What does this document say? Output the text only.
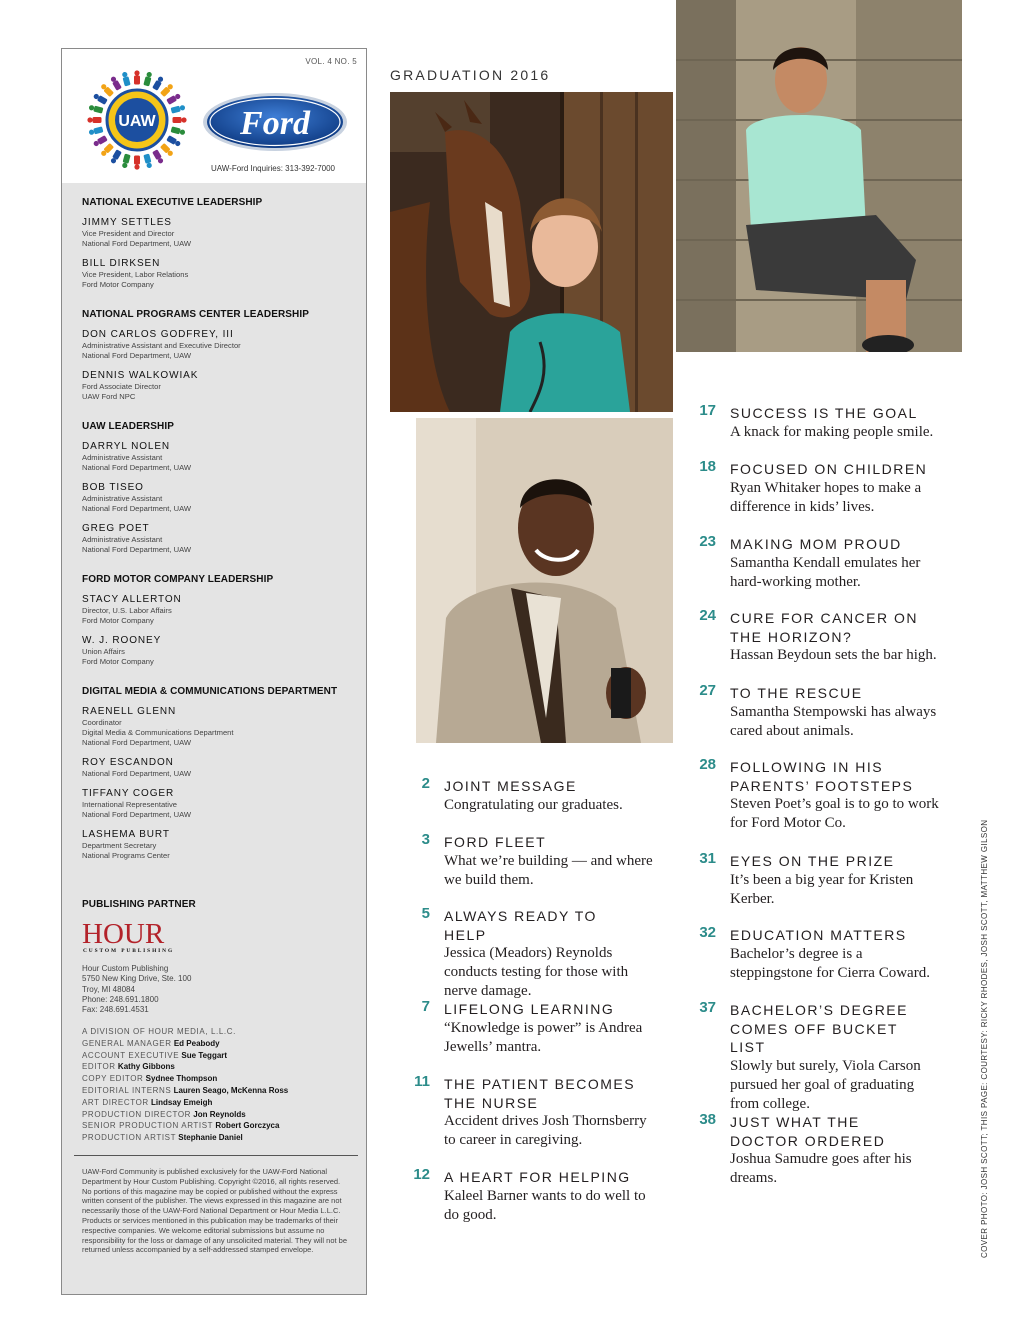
VOL. 4 NO. 5
UAW Ford
UAW-Ford Inquiries: 313-392-7000
NATIONAL EXECUTIVE LEADERSHIP
JIMMY SETTLES
Vice President and Director
National Ford Department, UAW
BILL DIRKSEN
Vice President, Labor Relations
Ford Motor Company
NATIONAL PROGRAMS CENTER LEADERSHIP
DON CARLOS GODFREY, III
Administrative Assistant and Executive Director
National Ford Department, UAW
DENNIS WALKOWIAK
Ford Associate Director
UAW Ford NPC
UAW LEADERSHIP
DARRYL NOLEN
Administrative Assistant
National Ford Department, UAW
BOB TISEO
Administrative Assistant
National Ford Department, UAW
GREG POET
Administrative Assistant
National Ford Department, UAW
FORD MOTOR COMPANY LEADERSHIP
STACY ALLERTON
Director, U.S. Labor Affairs
Ford Motor Company
W. J. ROONEY
Union Affairs
Ford Motor Company
DIGITAL MEDIA & COMMUNICATIONS DEPARTMENT
RAENELL GLENN
Coordinator
Digital Media & Communications Department
National Ford Department, UAW
ROY ESCANDON
National Ford Department, UAW
TIFFANY COGER
International Representative
National Ford Department, UAW
LASHEMA BURT
Department Secretary
National Programs Center
PUBLISHING PARTNER
HOUR
CUSTOM PUBLISHING
Hour Custom Publishing
5750 New King Drive, Ste. 100
Troy, MI 48084
Phone: 248.691.1800
Fax: 248.691.4531
A DIVISION OF HOUR MEDIA, L.L.C.
GENERAL MANAGER Ed Peabody
ACCOUNT EXECUTIVE Sue Teggart
EDITOR Kathy Gibbons
COPY EDITOR Sydnee Thompson
EDITORIAL INTERNS Lauren Seago, McKenna Ross
ART DIRECTOR Lindsay Emeigh
PRODUCTION DIRECTOR Jon Reynolds
SENIOR PRODUCTION ARTIST Robert Gorczyca
PRODUCTION ARTIST Stephanie Daniel
UAW-Ford Community is published exclusively for the UAW-Ford National Department by Hour Custom Publishing. Copyright ©2016, all rights reserved. No portions of this magazine may be copied or published without the express written consent of the publisher. The views expressed in this magazine are not necessarily those of the UAW-Ford National Department or Hour Media L.L.C. Products or services mentioned in this publication may be trademarks of their respective companies. We welcome editorial submissions but assume no responsibility for the loss or damage of any unsolicited material. They will not be returned unless accompanied by a self-addressed stamped envelope.
GRADUATION 2016
2 JOINT MESSAGE
Congratulating our graduates.
3 FORD FLEET
What we’re building — and where we build them.
5 ALWAYS READY TO HELP
Jessica (Meadors) Reynolds conducts testing for those with nerve damage.
7 LIFELONG LEARNING
“Knowledge is power” is Andrea Jewells’ mantra.
11 THE PATIENT BECOMES THE NURSE
Accident drives Josh Thornsberry to career in caregiving.
12 A HEART FOR HELPING
Kaleel Barner wants to do well to do good.
17 SUCCESS IS THE GOAL
A knack for making people smile.
18 FOCUSED ON CHILDREN
Ryan Whitaker hopes to make a difference in kids’ lives.
23 MAKING MOM PROUD
Samantha Kendall emulates her hard-working mother.
24 CURE FOR CANCER ON THE HORIZON?
Hassan Beydoun sets the bar high.
27 TO THE RESCUE
Samantha Stempowski has always cared about animals.
28 FOLLOWING IN HIS PARENTS’ FOOTSTEPS
Steven Poet’s goal is to go to work for Ford Motor Co.
31 EYES ON THE PRIZE
It’s been a big year for Kristen Kerber.
32 EDUCATION MATTERS
Bachelor’s degree is a steppingstone for Cierra Coward.
37 BACHELOR’S DEGREE COMES OFF BUCKET LIST
Slowly but surely, Viola Carson pursued her goal of graduating from college.
38 JUST WHAT THE DOCTOR ORDERED
Joshua Samudre goes after his dreams.	COVER PHOTO: JOSH SCOTT; THIS PAGE: COURTESY: RICKY RHODES, JOSH SCOTT, MATTHEW GILSON
